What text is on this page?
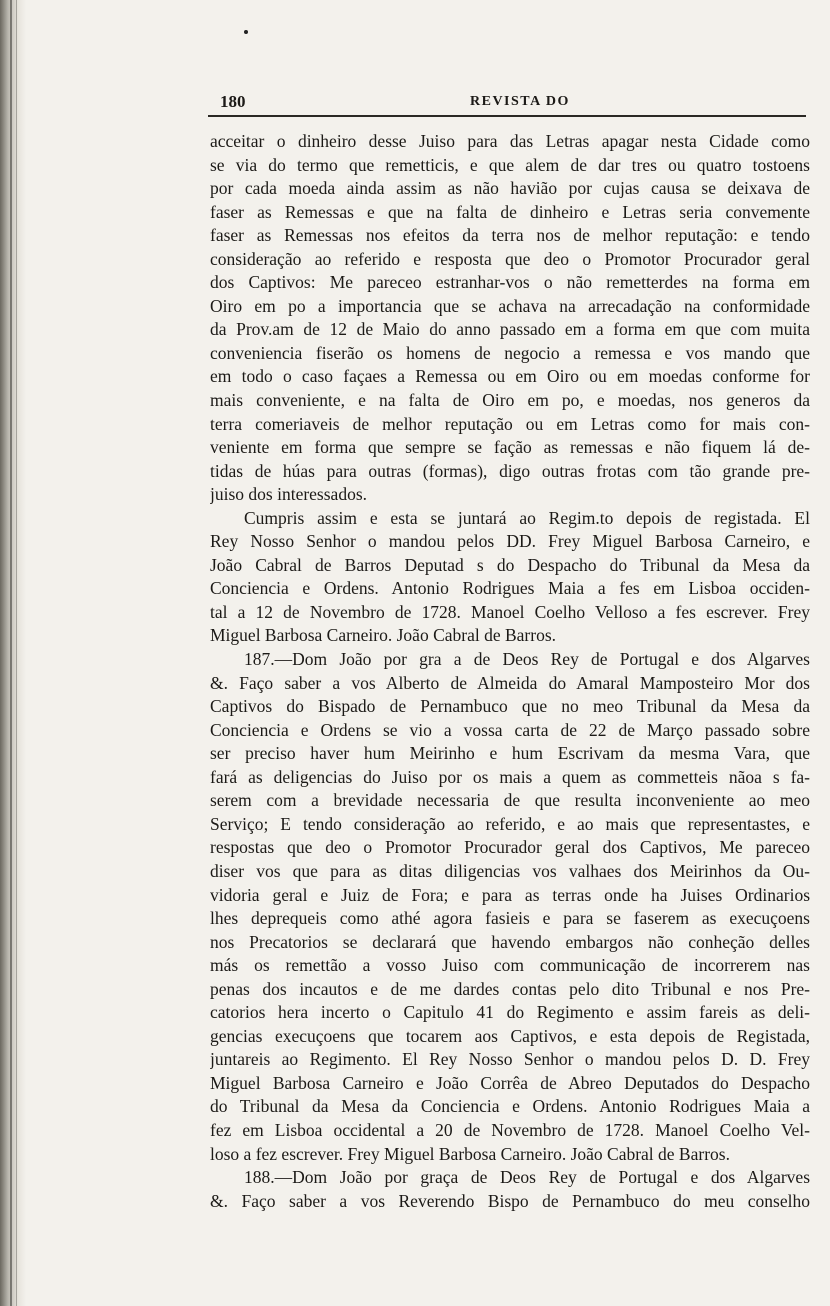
180	REVISTA DO
acceitar o dinheiro desse Juiso para das Letras apagar nesta Cidade como
se via do termo que remetticis, e que alem de dar tres ou quatro tostoens
por cada moeda ainda assim as não havião por cujas causa se deixava de
faser as Remessas e que na falta de dinheiro e Letras seria convemente
faser as Remessas nos efeitos da terra nos de melhor reputação: e tendo
consideração ao referido e resposta que deo o Promotor Procurador geral
dos Captivos: Me pareceo estranhar-vos o não remetterdes na forma em
Oiro em po a importancia que se achava na arrecadação na conformidade
da Prov.am de 12 de Maio do anno passado em a forma em que com muita
conveniencia fiserão os homens de negocio a remessa e vos mando que
em todo o caso façaes a Remessa ou em Oiro ou em moedas conforme for
mais conveniente, e na falta de Oiro em po, e moedas, nos generos da
terra comeriaveis de melhor reputação ou em Letras como for mais con-
veniente em forma que sempre se fação as remessas e não fiquem lá de-
tidas de húas para outras (formas), digo outras frotas com tão grande pre-
juiso dos interessados.
Cumpris assim e esta se juntará ao Regim.to depois de registada. El
Rey Nosso Senhor o mandou pelos DD. Frey Miguel Barbosa Carneiro, e
João Cabral de Barros Deputad s do Despacho do Tribunal da Mesa da
Conciencia e Ordens. Antonio Rodrigues Maia a fes em Lisboa occiden-
tal a 12 de Novembro de 1728. Manoel Coelho Velloso a fes escrever. Frey
Miguel Barbosa Carneiro. João Cabral de Barros.
187.—Dom João por gra a de Deos Rey de Portugal e dos Algarves
&. Faço saber a vos Alberto de Almeida do Amaral Mamposteiro Mor dos
Captivos do Bispado de Pernambuco que no meo Tribunal da Mesa da
Conciencia e Ordens se vio a vossa carta de 22 de Março passado sobre
ser preciso haver hum Meirinho e hum Escrivam da mesma Vara, que
fará as deligencias do Juiso por os mais a quem as commetteis nãoa s fa-
serem com a brevidade necessaria de que resulta inconveniente ao meo
Serviço; E tendo consideração ao referido, e ao mais que representastes, e
respostas que deo o Promotor Procurador geral dos Captivos, Me pareceo
diser vos que para as ditas diligencias vos valhaes dos Meirinhos da Ou-
vidoria geral e Juiz de Fora; e para as terras onde ha Juises Ordinarios
lhes deprequeis como athé agora fasieis e para se faserem as execuçoens
nos Precatorios se declarará que havendo embargos não conheção delles
más os remettão a vosso Juiso com communicação de incorrerem nas
penas dos incautos e de me dardes contas pelo dito Tribunal e nos Pre-
catorios hera incerto o Capitulo 41 do Regimento e assim fareis as deli-
gencias execuçoens que tocarem aos Captivos, e esta depois de Registada,
juntareis ao Regimento. El Rey Nosso Senhor o mandou pelos D. D. Frey
Miguel Barbosa Carneiro e João Corrêa de Abreo Deputados do Despacho
do Tribunal da Mesa da Conciencia e Ordens. Antonio Rodrigues Maia a
fez em Lisboa occidental a 20 de Novembro de 1728. Manoel Coelho Vel-
loso a fez escrever. Frey Miguel Barbosa Carneiro. João Cabral de Barros.
188.—Dom João por graça de Deos Rey de Portugal e dos Algarves
&. Faço saber a vos Reverendo Bispo de Pernambuco do meu conselho
